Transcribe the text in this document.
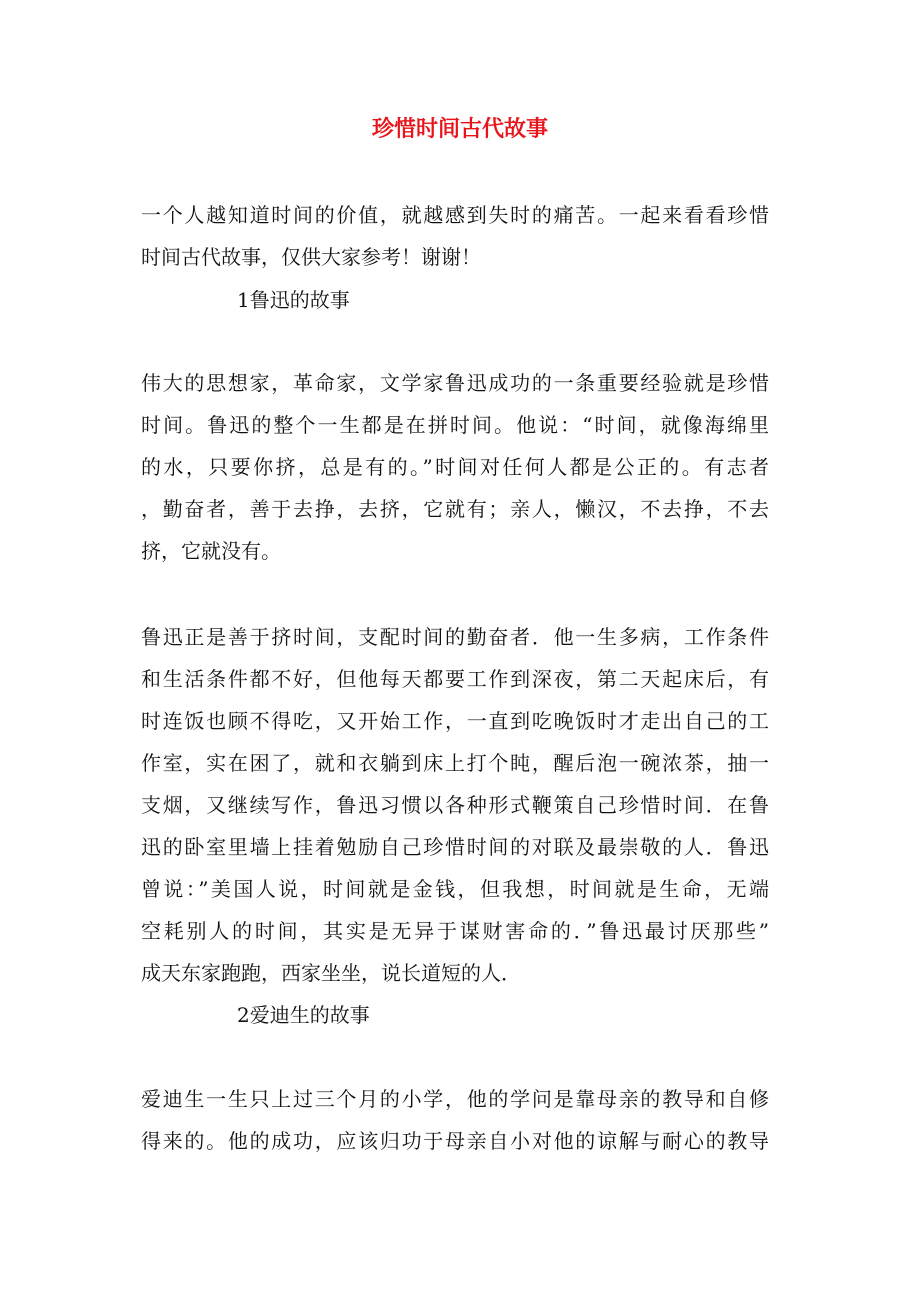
珍惜时间古代故事
一个人越知道时间的价值，就越感到失时的痛苦。一起来看看珍惜
时间古代故事，仅供大家参考！谢谢！
1鲁迅的故事
伟大的思想家，革命家，文学家鲁迅成功的一条重要经验就是珍惜
时间。鲁迅的整个一生都是在拼时间。他说：“时间，就像海绵里
的水，只要你挤，总是有的。”时间对任何人都是公正的。有志者
，勤奋者，善于去挣，去挤，它就有；亲人，懒汉，不去挣，不去
挤，它就没有。
鲁迅正是善于挤时间，支配时间的勤奋者．他一生多病，工作条件
和生活条件都不好，但他每天都要工作到深夜，第二天起床后，有
时连饭也顾不得吃，又开始工作，一直到吃晚饭时才走出自己的工
作室，实在困了，就和衣躺到床上打个盹，醒后泡一碗浓茶，抽一
支烟，又继续写作，鲁迅习惯以各种形式鞭策自己珍惜时间．在鲁
迅的卧室里墙上挂着勉励自己珍惜时间的对联及最崇敬的人．鲁迅
曾说：”美国人说，时间就是金钱，但我想，时间就是生命，无端
空耗别人的时间，其实是无异于谋财害命的．”鲁迅最讨厌那些”
成天东家跑跑，西家坐坐，说长道短的人．
2爱迪生的故事
爱迪生一生只上过三个月的小学，他的学问是靠母亲的教导和自修
得来的。他的成功，应该归功于母亲自小对他的谅解与耐心的教导
